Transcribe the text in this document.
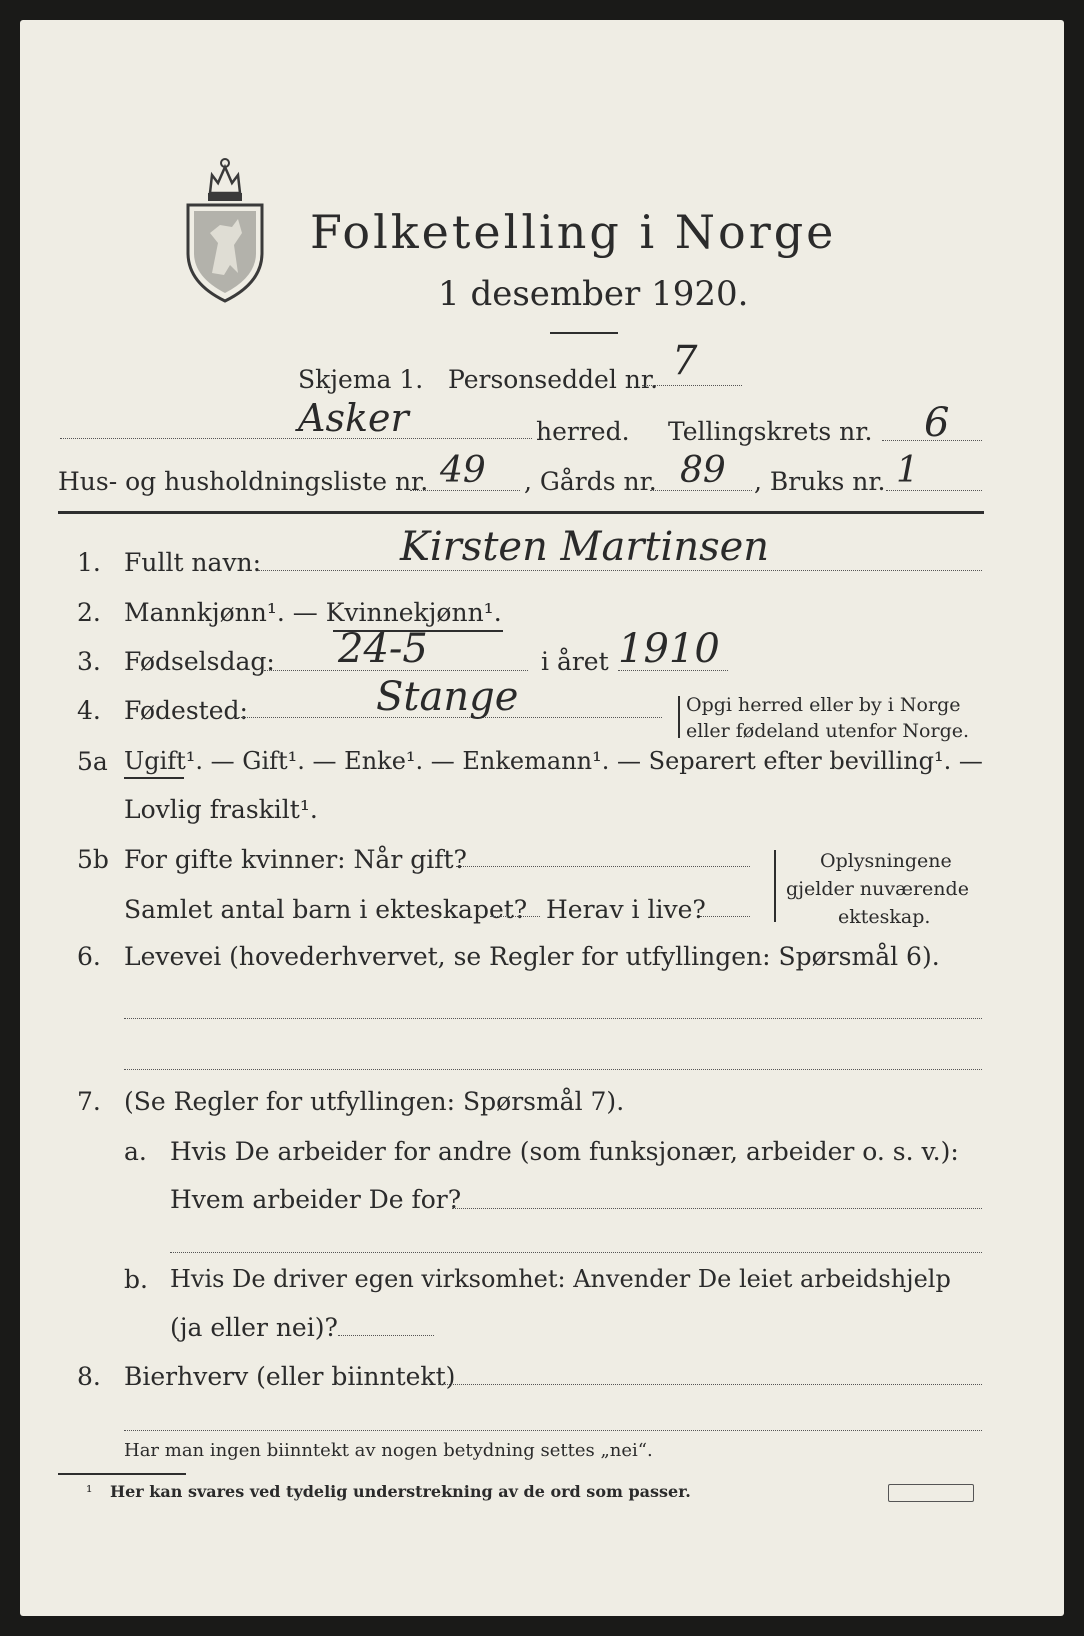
Folketelling i Norge
1 desember 1920.
Skjema 1. Personseddel nr. 7
Asker	herred. Tellingskrets nr. 6
Hus- og husholdningsliste nr. 49 , Gårds nr. 89 , Bruks nr. 1
1. Fullt navn:	Kirsten Martinsen
2. Mannkjønn¹. — Kvinnekjønn¹.
3. Fødselsdag: 24-5	i året 1910
4. Fødested:	Stange	Opgi herred eller by i Norge
eller fødeland utenfor Norge.
5a Ugift¹. — Gift¹. — Enke¹. — Enkemann¹. — Separert efter bevilling¹. —
Lovlig fraskilt¹.
5b For gifte kvinner: Når gift?
Samlet antal barn i ekteskapet? Herav i live?
Oplysningene
gjelder nuværende
ekteskap.
6. Levevei (hovederhvervet, se Regler for utfyllingen: Spørsmål 6).
7. (Se Regler for utfyllingen: Spørsmål 7).
a. Hvis De arbeider for andre (som funksjonær, arbeider o. s. v.):
Hvem arbeider De for?
b. Hvis De driver egen virksomhet: Anvender De leiet arbeidshjelp
(ja eller nei)?
8. Bierhverv (eller biinntekt)
Har man ingen biinntekt av nogen betydning settes „nei“.
¹ Her kan svares ved tydelig understrekning av de ord som passer.
